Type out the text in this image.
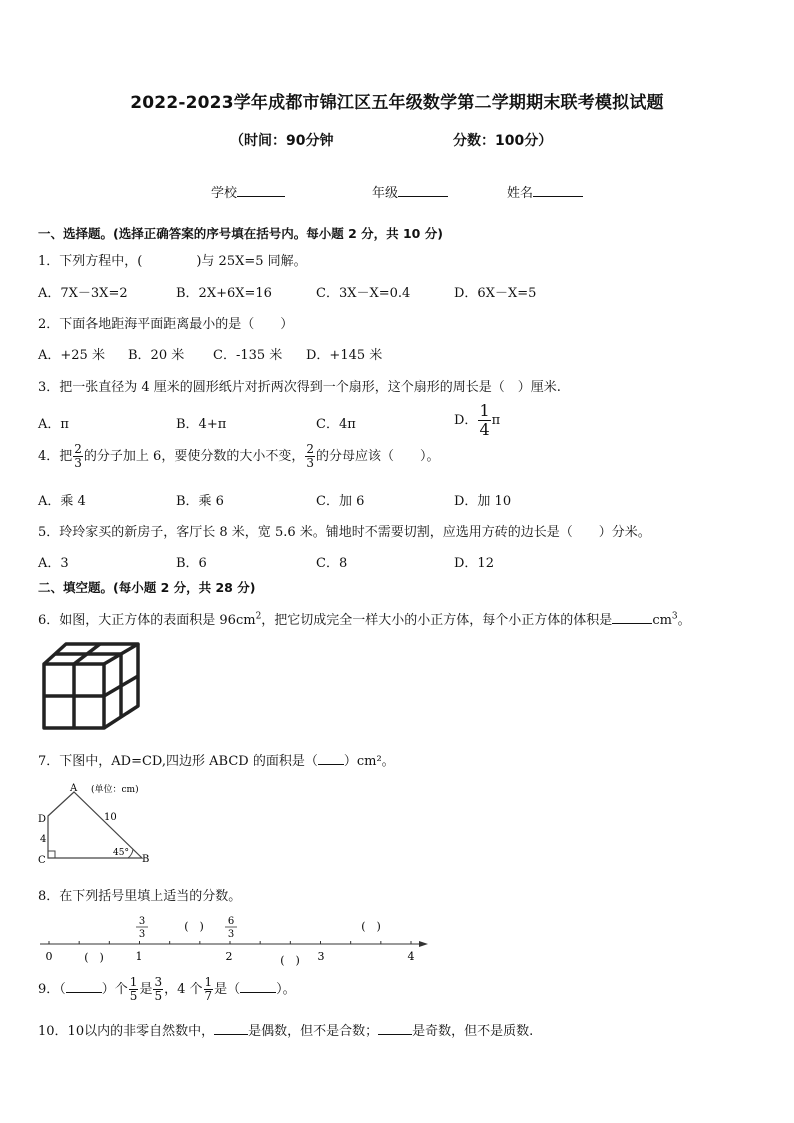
2022-2023学年成都市锦江区五年级数学第二学期期末联考模拟试题
（时间：90分钟	分数：100分）
学校	年级	姓名
一、选择题。(选择正确答案的序号填在括号内。每小题 2 分，共 10 分)
1．下列方程中，(	)与 25X=5 同解。
A．7X－3X=2	B．2X+6X=16	C．3X－X=0.4	D．6X－X=5
2．下面各地距海平面距离最小的是（　　）
A．+25 米 B．20 米 C．-135 米 D．+145 米
3．把一张直径为 4 厘米的圆形纸片对折两次得到一个扇形，这个扇形的周长是（　）厘米.
A．π	B．4+π	C．4π	D． $\frac{1}{4}$ π
4．把 $\frac{2}{3}$ 的分子加上 6，要使分数的大小不变， $\frac{2}{3}$ 的分母应该（　　）。
A．乘 4	B．乘 6	C．加 6	D．加 10
5．玲玲家买的新房子，客厅长 8 米，宽 5.6 米。铺地时不需要切割，应选用方砖的边长是（　　）分米。
A．3	B．6	C．8	D．12
二、填空题。(每小题 2 分，共 28 分)
6．如图，大正方体的表面积是 $96cm^2$，把它切成完全一样大小的小正方体，每个小正方体的体积是	$cm^3$。
7．下图中，AD=CD,四边形 ABCD 的面积是（ ）cm²。
A (单位：cm)
D
4
10
45°
C	B
8．在下列括号里填上适当的分数。
3
3
6
3
(　)	(　)
(　)	(　)
0	1	2	3	4
9．（	）个 $\frac{1}{5}$ 是 $\frac{3}{5}$ ，4 个 $\frac{1}{7}$ 是（	）。
10．10以内的非零自然数中，	是偶数，但不是合数；	是奇数，但不是质数.
